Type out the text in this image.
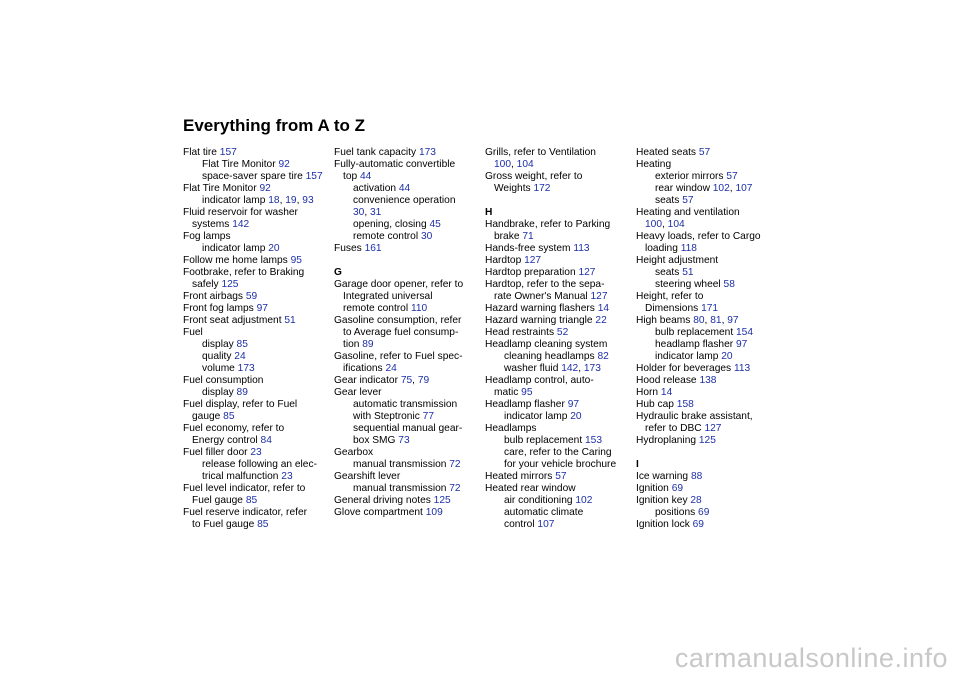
Everything from A to Z
Flat tire 157
Flat Tire Monitor 92
space-saver spare tire 157
Flat Tire Monitor 92
indicator lamp 18, 19, 93
Fluid reservoir for washer
systems 142
Fog lamps
indicator lamp 20
Follow me home lamps 95
Footbrake, refer to Braking
safely 125
Front airbags 59
Front fog lamps 97
Front seat adjustment 51
Fuel
display 85
quality 24
volume 173
Fuel consumption
display 89
Fuel display, refer to Fuel
gauge 85
Fuel economy, refer to
Energy control 84
Fuel filler door 23
release following an elec-
trical malfunction 23
Fuel level indicator, refer to
Fuel gauge 85
Fuel reserve indicator, refer
to Fuel gauge 85
Fuel tank capacity 173
Fully-automatic convertible
top 44
activation 44
convenience operation
30, 31
opening, closing 45
remote control 30
Fuses 161
G
Garage door opener, refer to
Integrated universal
remote control 110
Gasoline consumption, refer
to Average fuel consump-
tion 89
Gasoline, refer to Fuel spec-
ifications 24
Gear indicator 75, 79
Gear lever
automatic transmission
with Steptronic 77
sequential manual gear-
box SMG 73
Gearbox
manual transmission 72
Gearshift lever
manual transmission 72
General driving notes 125
Glove compartment 109
Grills, refer to Ventilation
100, 104
Gross weight, refer to
Weights 172
H
Handbrake, refer to Parking
brake 71
Hands-free system 113
Hardtop 127
Hardtop preparation 127
Hardtop, refer to the sepa-
rate Owner's Manual 127
Hazard warning flashers 14
Hazard warning triangle 22
Head restraints 52
Headlamp cleaning system
cleaning headlamps 82
washer fluid 142, 173
Headlamp control, auto-
matic 95
Headlamp flasher 97
indicator lamp 20
Headlamps
bulb replacement 153
care, refer to the Caring
for your vehicle brochure
Heated mirrors 57
Heated rear window
air conditioning 102
automatic climate
control 107
Heated seats 57
Heating
exterior mirrors 57
rear window 102, 107
seats 57
Heating and ventilation
100, 104
Heavy loads, refer to Cargo
loading 118
Height adjustment
seats 51
steering wheel 58
Height, refer to
Dimensions 171
High beams 80, 81, 97
bulb replacement 154
headlamp flasher 97
indicator lamp 20
Holder for beverages 113
Hood release 138
Horn 14
Hub cap 158
Hydraulic brake assistant,
refer to DBC 127
Hydroplaning 125
I
Ice warning 88
Ignition 69
Ignition key 28
positions 69
Ignition lock 69
carmanualsonline.info
